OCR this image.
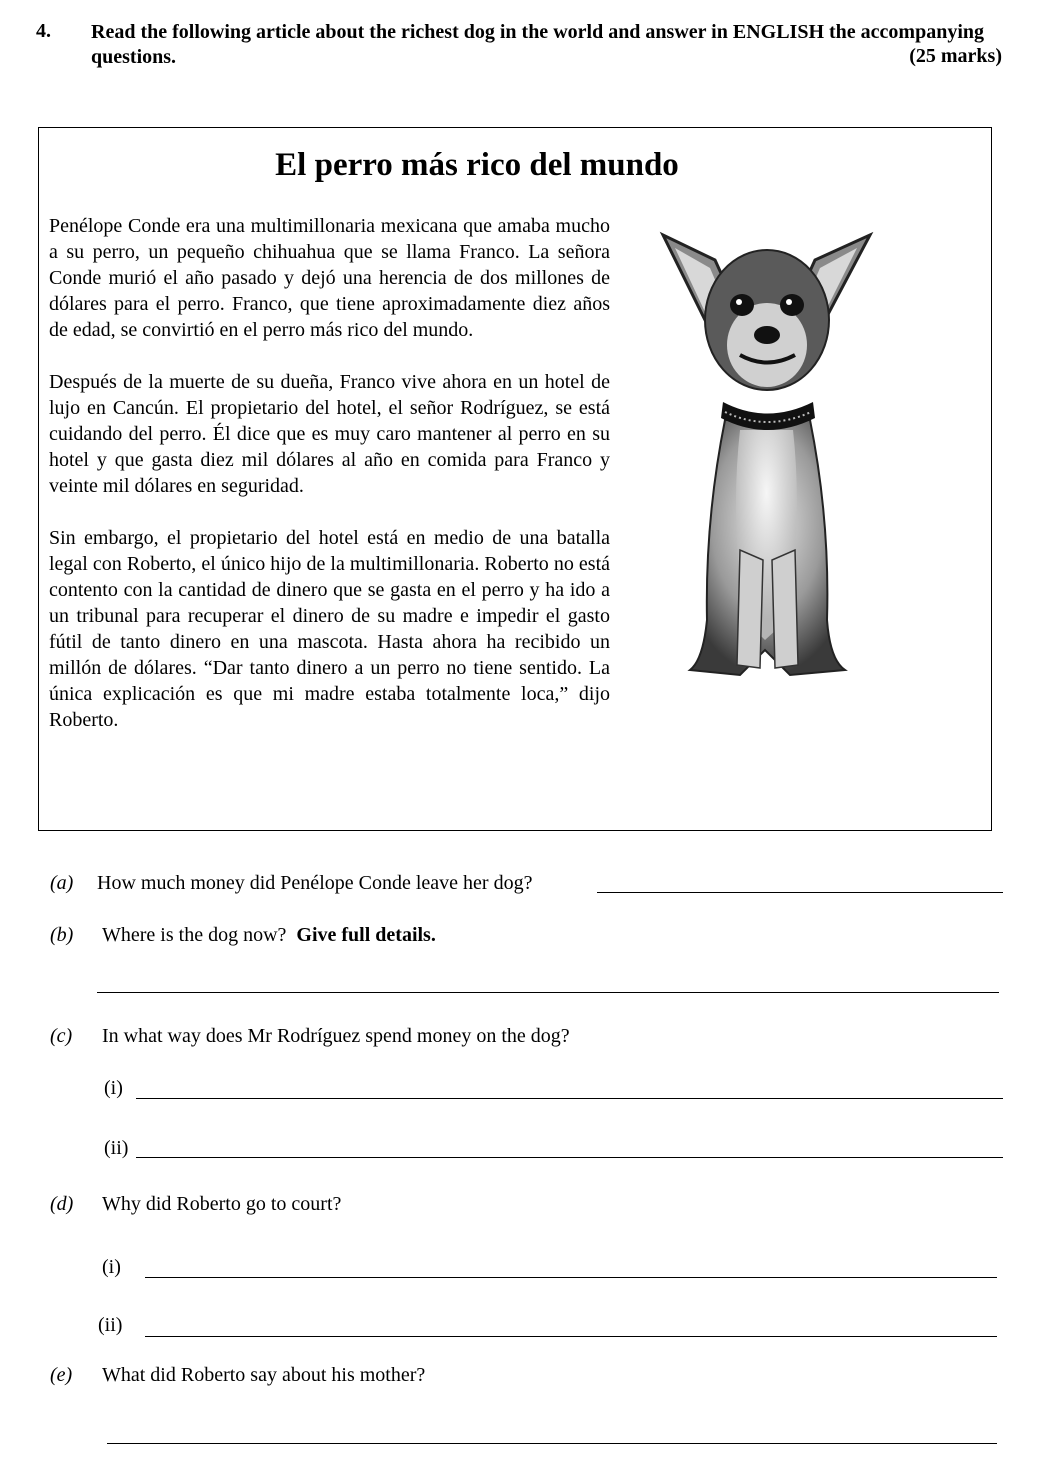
4. Read the following article about the richest dog in the world and answer in ENGLISH the accompanying questions.	(25 marks)
El perro más rico del mundo

Penélope Conde era una multimillonaria mexicana que amaba mucho a su perro, un pequeño chihuahua que se llama Franco. La señora Conde murió el año pasado y dejó una herencia de dos millones de dólares para el perro. Franco, que tiene aproximadamente diez años de edad, se convirtió en el perro más rico del mundo.

Después de la muerte de su dueña, Franco vive ahora en un hotel de lujo en Cancún. El propietario del hotel, el señor Rodríguez, se está cuidando del perro. Él dice que es muy caro mantener al perro en su hotel y que gasta diez mil dólares al año en comida para Franco y veinte mil dólares en seguridad.

Sin embargo, el propietario del hotel está en medio de una batalla legal con Roberto, el único hijo de la multimillonaria. Roberto no está contento con la cantidad de dinero que se gasta en el perro y ha ido a un tribunal para recuperar el dinero de su madre e impedir el gasto fútil de tanto dinero en una mascota. Hasta ahora ha recibido un millón de dólares. “Dar tanto dinero a un perro no tiene sentido. La única explicación es que mi madre estaba totalmente loca,” dijo Roberto.

(a) How much money did Penélope Conde leave her dog?
(b) Where is the dog now? Give full details.
(c) In what way does Mr Rodríguez spend money on the dog?
(i)
(ii)
(d) Why did Roberto go to court?
(i)
(ii)
(e) What did Roberto say about his mother?
